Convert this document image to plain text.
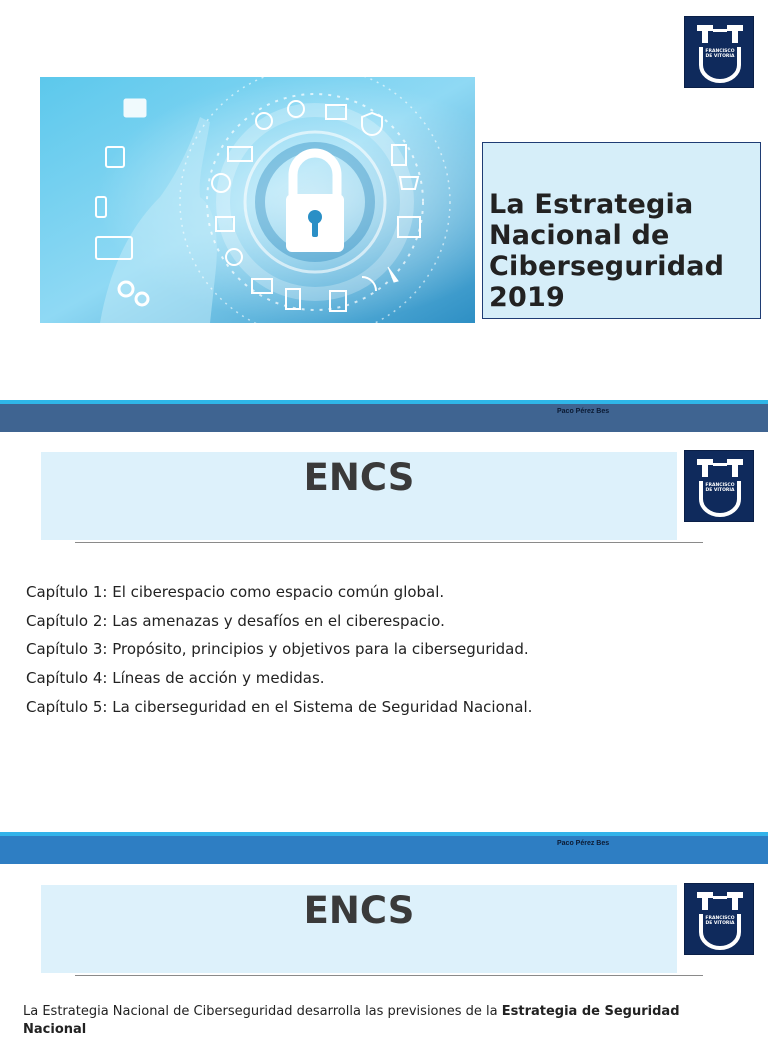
FRANCISCO
DE VITORIA
La Estrategia Nacional de Ciberseguridad 2019
Paco Pérez Bes
ENCS	FRANCISCO
DE VITORIA
Capítulo 1: El ciberespacio como espacio común global.
Capítulo 2: Las amenazas y desafíos en el ciberespacio.
Capítulo 3: Propósito, principios y objetivos para la ciberseguridad.
Capítulo 4: Líneas de acción y medidas.
Capítulo 5: La ciberseguridad en el Sistema de Seguridad Nacional.
Paco Pérez Bes
ENCS	FRANCISCO
DE VITORIA

La Estrategia Nacional de Ciberseguridad desarrolla las previsiones de la Estrategia de Seguridad Nacional
